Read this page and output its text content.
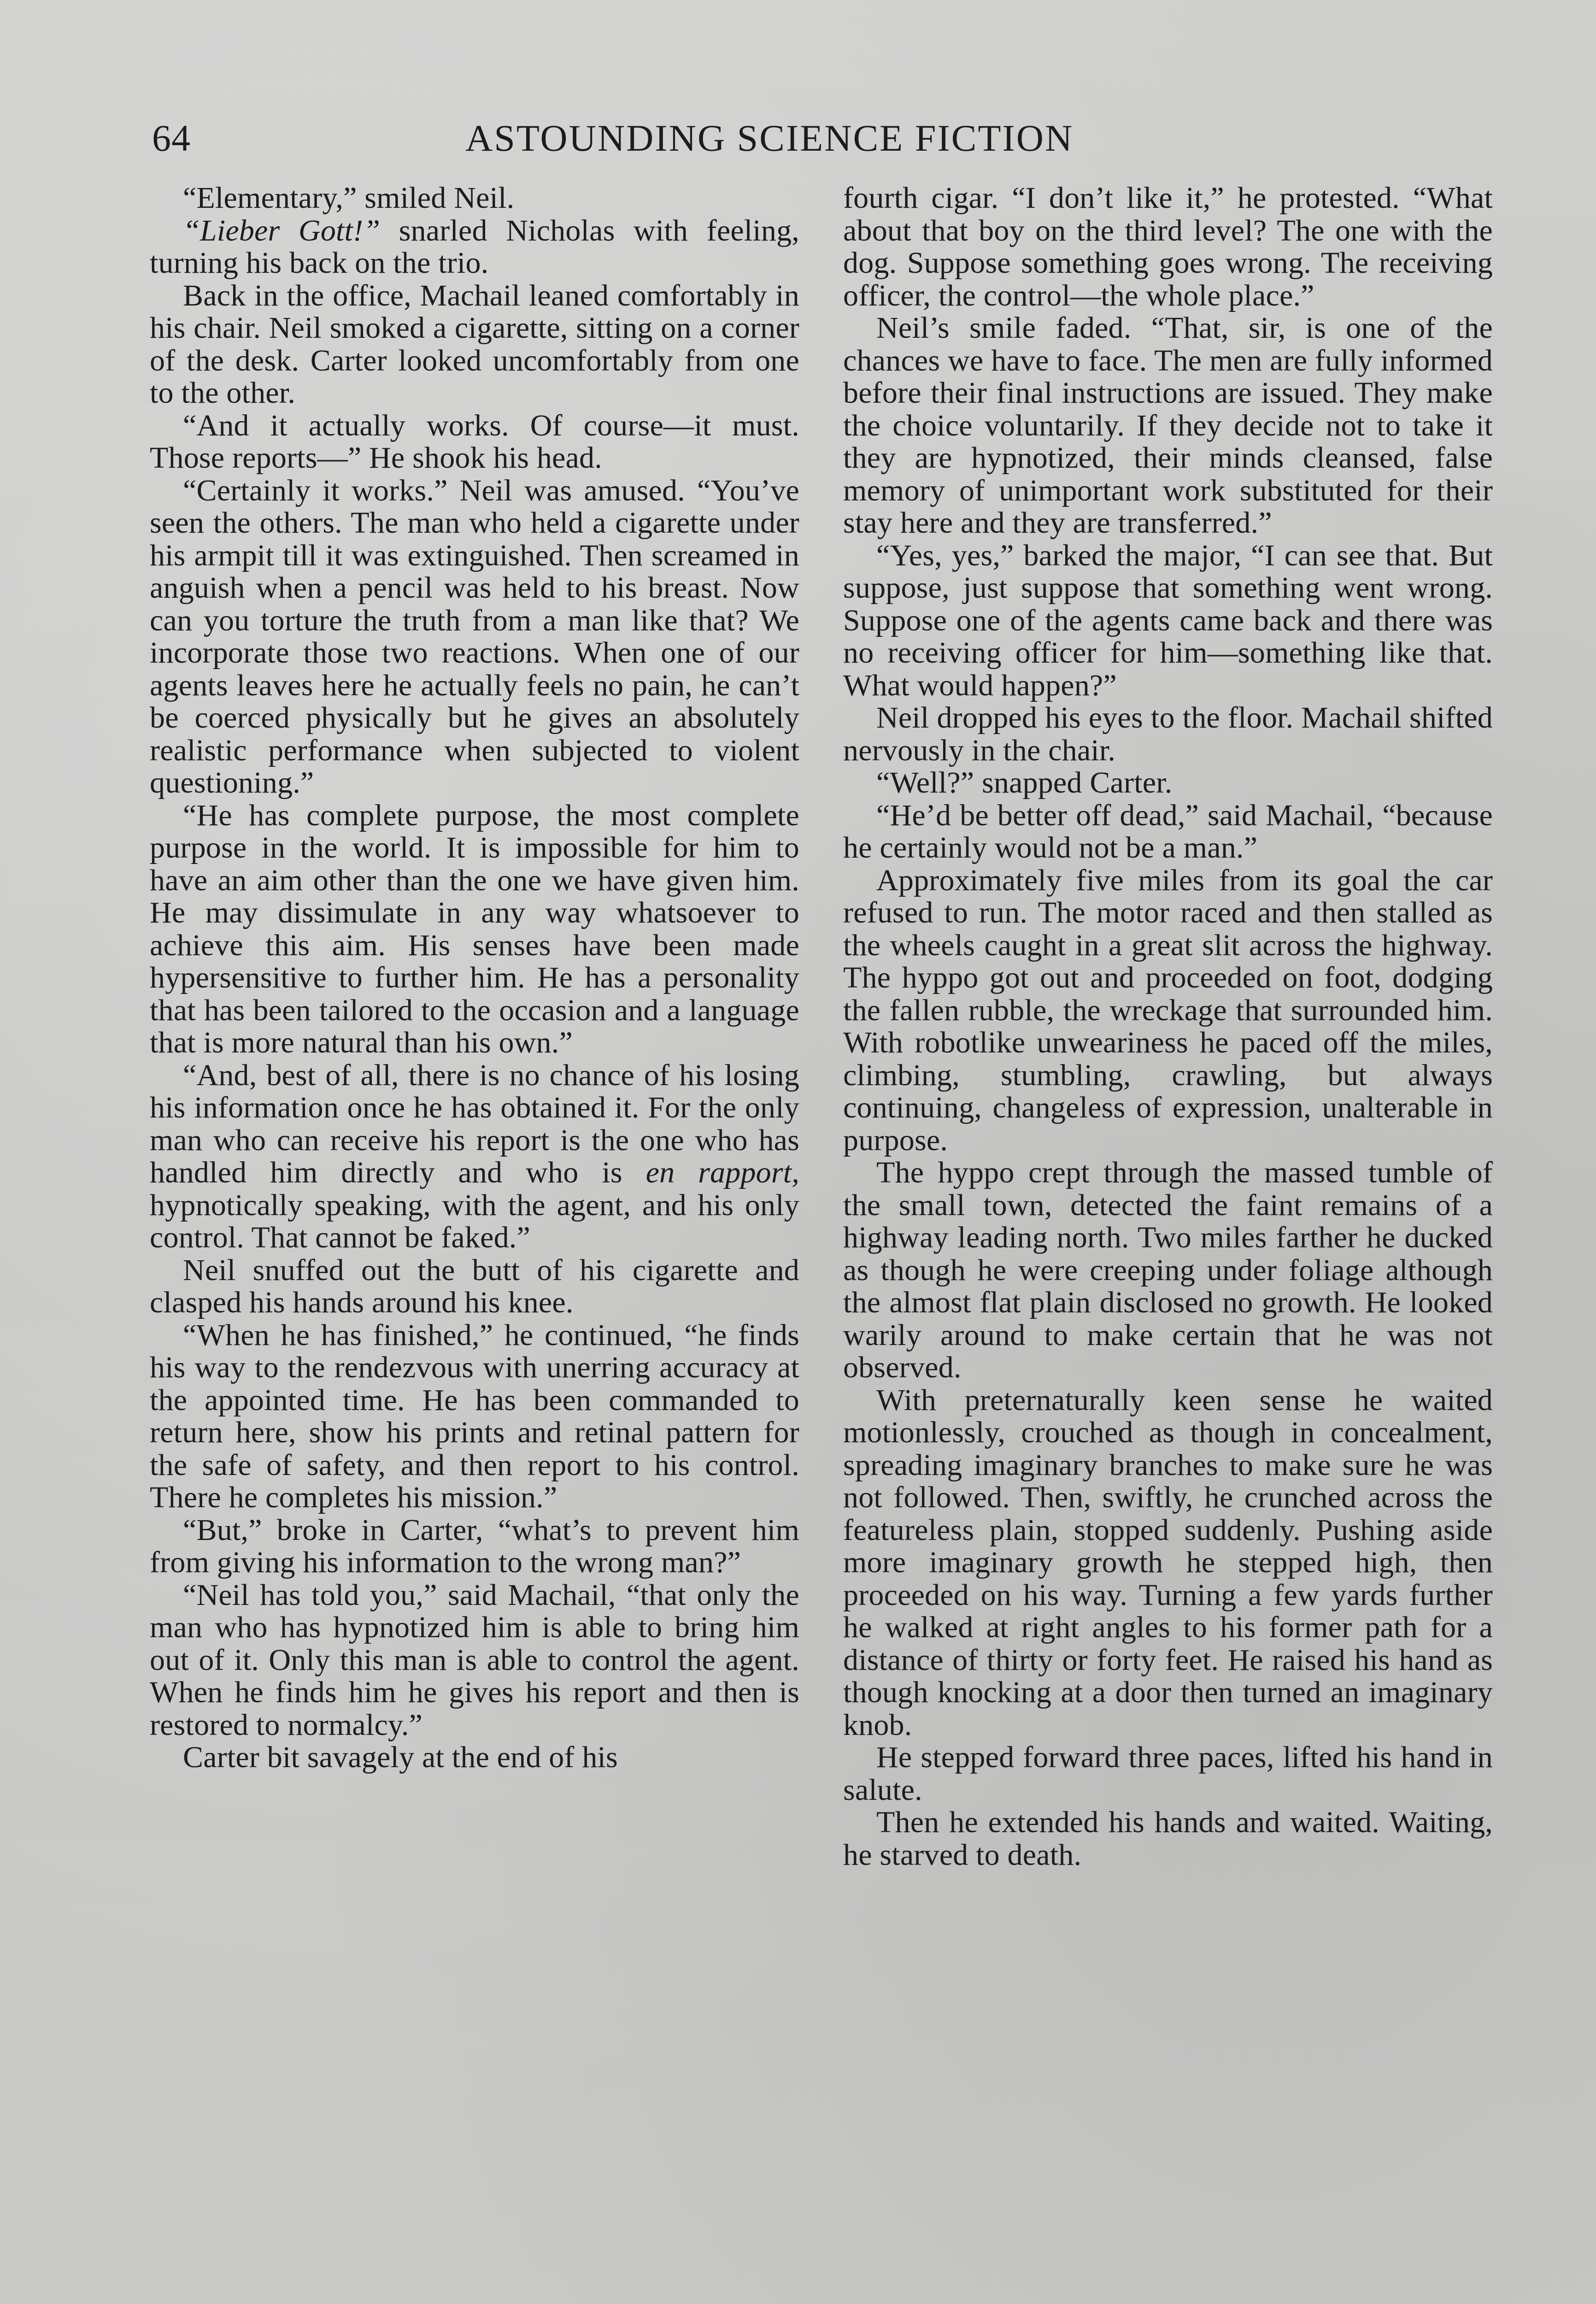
64	ASTOUNDING SCIENCE FICTION

“Elementary,” smiled Neil.

“Lieber Gott!” snarled Nicholas with feeling, turning his back on the trio.

Back in the office, Machail leaned comfortably in his chair. Neil smoked a cigarette, sitting on a corner of the desk. Carter looked uncomfortably from one to the other.

“And it actually works. Of course—it must. Those reports—” He shook his head.

“Certainly it works.” Neil was amused. “You’ve seen the others. The man who held a cigarette under his armpit till it was extinguished. Then screamed in anguish when a pencil was held to his breast. Now can you torture the truth from a man like that? We incorporate those two reactions. When one of our agents leaves here he actually feels no pain, he can’t be coerced physically but he gives an absolutely realistic performance when subjected to violent questioning.”

“He has complete purpose, the most complete purpose in the world. It is impossible for him to have an aim other than the one we have given him. He may dissimulate in any way whatsoever to achieve this aim. His senses have been made hypersensitive to further him. He has a personality that has been tailored to the occasion and a language that is more natural than his own.”

“And, best of all, there is no chance of his losing his information once he has obtained it. For the only man who can receive his report is the one who has handled him directly and who is en rapport, hypnotically speaking, with the agent, and his only control. That cannot be faked.”

Neil snuffed out the butt of his cigarette and clasped his hands around his knee.

“When he has finished,” he continued, “he finds his way to the rendezvous with unerring accuracy at the appointed time. He has been commanded to return here, show his prints and retinal pattern for the safe of safety, and then report to his control. There he completes his mission.”

“But,” broke in Carter, “what’s to prevent him from giving his information to the wrong man?”

“Neil has told you,” said Machail, “that only the man who has hypnotized him is able to bring him out of it. Only this man is able to control the agent. When he finds him he gives his report and then is restored to normalcy.”

Carter bit savagely at the end of his

fourth cigar. “I don’t like it,” he protested. “What about that boy on the third level? The one with the dog. Suppose something goes wrong. The receiving officer, the control—the whole place.”

Neil’s smile faded. “That, sir, is one of the chances we have to face. The men are fully informed before their final instructions are issued. They make the choice voluntarily. If they decide not to take it they are hypnotized, their minds cleansed, false memory of unimportant work substituted for their stay here and they are transferred.”

“Yes, yes,” barked the major, “I can see that. But suppose, just suppose that something went wrong. Suppose one of the agents came back and there was no receiving officer for him—something like that. What would happen?”

Neil dropped his eyes to the floor. Machail shifted nervously in the chair.

“Well?” snapped Carter.

“He’d be better off dead,” said Machail, “because he certainly would not be a man.”

Approximately five miles from its goal the car refused to run. The motor raced and then stalled as the wheels caught in a great slit across the highway. The hyppo got out and proceeded on foot, dodging the fallen rubble, the wreckage that surrounded him. With robotlike unweariness he paced off the miles, climbing, stumbling, crawling, but always continuing, changeless of expression, unalterable in purpose.

The hyppo crept through the massed tumble of the small town, detected the faint remains of a highway leading north. Two miles farther he ducked as though he were creeping under foliage although the almost flat plain disclosed no growth. He looked warily around to make certain that he was not observed.

With preternaturally keen sense he waited motionlessly, crouched as though in concealment, spreading imaginary branches to make sure he was not followed. Then, swiftly, he crunched across the featureless plain, stopped suddenly. Pushing aside more imaginary growth he stepped high, then proceeded on his way. Turning a few yards further he walked at right angles to his former path for a distance of thirty or forty feet. He raised his hand as though knocking at a door then turned an imaginary knob.

He stepped forward three paces, lifted his hand in salute.

Then he extended his hands and waited. Waiting, he starved to death.
